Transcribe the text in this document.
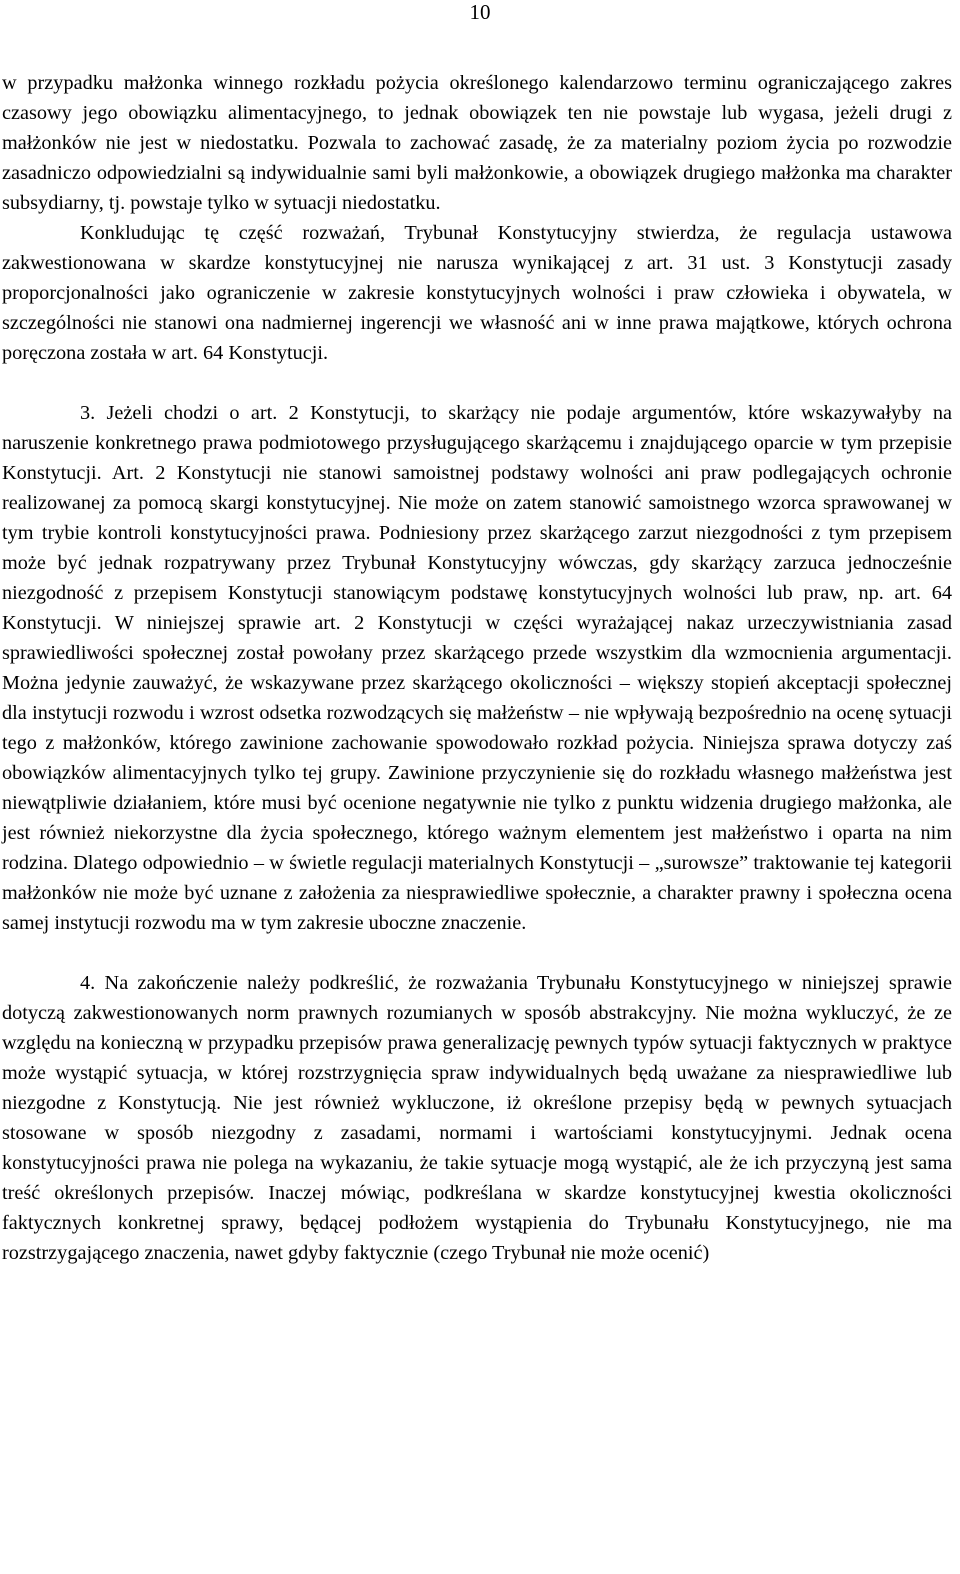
10

w przypadku małżonka winnego rozkładu pożycia określonego kalendarzowo terminu ograniczającego zakres czasowy jego obowiązku alimentacyjnego, to jednak obowiązek ten nie powstaje lub wygasa, jeżeli drugi z małżonków nie jest w niedostatku. Pozwala to zachować zasadę, że za materialny poziom życia po rozwodzie zasadniczo odpowiedzialni są indywidualnie sami byli małżonkowie, a obowiązek drugiego małżonka ma charakter subsydiarny, tj. powstaje tylko w sytuacji niedostatku.

Konkludując tę część rozważań, Trybunał Konstytucyjny stwierdza, że regulacja ustawowa zakwestionowana w skardze konstytucyjnej nie narusza wynikającej z art. 31 ust. 3 Konstytucji zasady proporcjonalności jako ograniczenie w zakresie konstytucyjnych wolności i praw człowieka i obywatela, w szczególności nie stanowi ona nadmiernej ingerencji we własność ani w inne prawa majątkowe, których ochrona poręczona została w art. 64 Konstytucji.

3. Jeżeli chodzi o art. 2 Konstytucji, to skarżący nie podaje argumentów, które wskazywałyby na naruszenie konkretnego prawa podmiotowego przysługującego skarżącemu i znajdującego oparcie w tym przepisie Konstytucji. Art. 2 Konstytucji nie stanowi samoistnej podstawy wolności ani praw podlegających ochronie realizowanej za pomocą skargi konstytucyjnej. Nie może on zatem stanowić samoistnego wzorca sprawowanej w tym trybie kontroli konstytucyjności prawa. Podniesiony przez skarżącego zarzut niezgodności z tym przepisem może być jednak rozpatrywany przez Trybunał Konstytucyjny wówczas, gdy skarżący zarzuca jednocześnie niezgodność z przepisem Konstytucji stanowiącym podstawę konstytucyjnych wolności lub praw, np. art. 64 Konstytucji. W niniejszej sprawie art. 2 Konstytucji w części wyrażającej nakaz urzeczywistniania zasad sprawiedliwości społecznej został powołany przez skarżącego przede wszystkim dla wzmocnienia argumentacji. Można jedynie zauważyć, że wskazywane przez skarżącego okoliczności – większy stopień akceptacji społecznej dla instytucji rozwodu i wzrost odsetka rozwodzących się małżeństw – nie wpływają bezpośrednio na ocenę sytuacji tego z małżonków, którego zawinione zachowanie spowodowało rozkład pożycia. Niniejsza sprawa dotyczy zaś obowiązków alimentacyjnych tylko tej grupy. Zawinione przyczynienie się do rozkładu własnego małżeństwa jest niewątpliwie działaniem, które musi być ocenione negatywnie nie tylko z punktu widzenia drugiego małżonka, ale jest również niekorzystne dla życia społecznego, którego ważnym elementem jest małżeństwo i oparta na nim rodzina. Dlatego odpowiednio – w świetle regulacji materialnych Konstytucji – „surowsze” traktowanie tej kategorii małżonków nie może być uznane z założenia za niesprawiedliwe społecznie, a charakter prawny i społeczna ocena samej instytucji rozwodu ma w tym zakresie uboczne znaczenie.

4. Na zakończenie należy podkreślić, że rozważania Trybunału Konstytucyjnego w niniejszej sprawie dotyczą zakwestionowanych norm prawnych rozumianych w sposób abstrakcyjny. Nie można wykluczyć, że ze względu na konieczną w przypadku przepisów prawa generalizację pewnych typów sytuacji faktycznych w praktyce może wystąpić sytuacja, w której rozstrzygnięcia spraw indywidualnych będą uważane za niesprawiedliwe lub niezgodne z Konstytucją. Nie jest również wykluczone, iż określone przepisy będą w pewnych sytuacjach stosowane w sposób niezgodny z zasadami, normami i wartościami konstytucyjnymi. Jednak ocena konstytucyjności prawa nie polega na wykazaniu, że takie sytuacje mogą wystąpić, ale że ich przyczyną jest sama treść określonych przepisów. Inaczej mówiąc, podkreślana w skardze konstytucyjnej kwestia okoliczności faktycznych konkretnej sprawy, będącej podłożem wystąpienia do Trybunału Konstytucyjnego, nie ma rozstrzygającego znaczenia, nawet gdyby faktycznie (czego Trybunał nie może ocenić)
